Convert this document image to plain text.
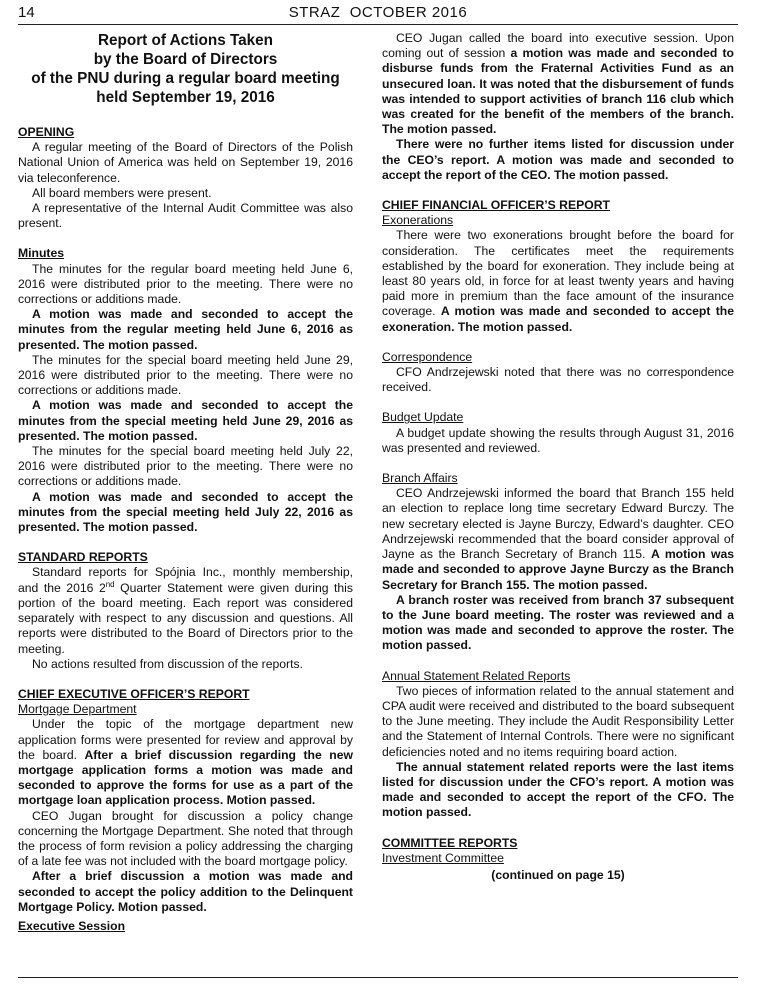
14	STRAZ  OCTOBER 2016
Report of Actions Taken
by the Board of Directors
of the PNU during a regular board meeting
held September 19, 2016
OPENING

A regular meeting of the Board of Directors of the Polish National Union of America was held on September 19, 2016 via teleconference.

All board members were present.

A representative of the Internal Audit Committee was also present.

Minutes

The minutes for the regular board meeting held June 6, 2016 were distributed prior to the meeting. There were no corrections or additions made.

A motion was made and seconded to accept the minutes from the regular meeting held June 6, 2016 as presented. The motion passed.

The minutes for the special board meeting held June 29, 2016 were distributed prior to the meeting. There were no corrections or additions made.

A motion was made and seconded to accept the minutes from the special meeting held June 29, 2016 as presented. The motion passed.

The minutes for the special board meeting held July 22, 2016 were distributed prior to the meeting. There were no corrections or additions made.

A motion was made and seconded to accept the minutes from the special meeting held July 22, 2016 as presented. The motion passed.

STANDARD REPORTS

Standard reports for Spójnia Inc., monthly membership, and the 2016 2nd Quarter Statement were given during this portion of the board meeting. Each report was considered separately with respect to any discussion and questions. All reports were distributed to the Board of Directors prior to the meeting.

No actions resulted from discussion of the reports.

CHIEF EXECUTIVE OFFICER’S REPORT
Mortgage Department

Under the topic of the mortgage department new application forms were presented for review and approval by the board. After a brief discussion regarding the new mortgage application forms a motion was made and seconded to approve the forms for use as a part of the mortgage loan application process. Motion passed.

CEO Jugan brought for discussion a policy change concerning the Mortgage Department. She noted that through the process of form revision a policy addressing the charging of a late fee was not included with the board mortgage policy.

After a brief discussion a motion was made and seconded to accept the policy addition to the Delinquent Mortgage Policy. Motion passed.

Executive Session

CEO Jugan called the board into executive session. Upon coming out of session a motion was made and seconded to disburse funds from the Fraternal Activities Fund as an unsecured loan. It was noted that the disbursement of funds was intended to support activities of branch 116 club which was created for the benefit of the members of the branch. The motion passed.

There were no further items listed for discussion under the CEO’s report. A motion was made and seconded to accept the report of the CEO. The motion passed.

CHIEF FINANCIAL OFFICER’S REPORT
Exonerations

There were two exonerations brought before the board for consideration. The certificates meet the requirements established by the board for exoneration. They include being at least 80 years old, in force for at least twenty years and having paid more in premium than the face amount of the insurance coverage. A motion was made and seconded to accept the exoneration. The motion passed.

Correspondence

CFO Andrzejewski noted that there was no correspondence received.

Budget Update

A budget update showing the results through August 31, 2016 was presented and reviewed.

Branch Affairs

CEO Andrzejewski informed the board that Branch 155 held an election to replace long time secretary Edward Burczy. The new secretary elected is Jayne Burczy, Edward’s daughter. CEO Andrzejewski recommended that the board consider approval of Jayne as the Branch Secretary of Branch 115. A motion was made and seconded to approve Jayne Burczy as the Branch Secretary for Branch 155. The motion passed.

A branch roster was received from branch 37 subsequent to the June board meeting. The roster was reviewed and a motion was made and seconded to approve the roster. The motion passed.

Annual Statement Related Reports

Two pieces of information related to the annual statement and CPA audit were received and distributed to the board subsequent to the June meeting. They include the Audit Responsibility Letter and the Statement of Internal Controls. There were no significant deficiencies noted and no items requiring board action.

The annual statement related reports were the last items listed for discussion under the CFO’s report. A motion was made and seconded to accept the report of the CFO. The motion passed.

COMMITTEE REPORTS
Investment Committee
(continued on page 15)
